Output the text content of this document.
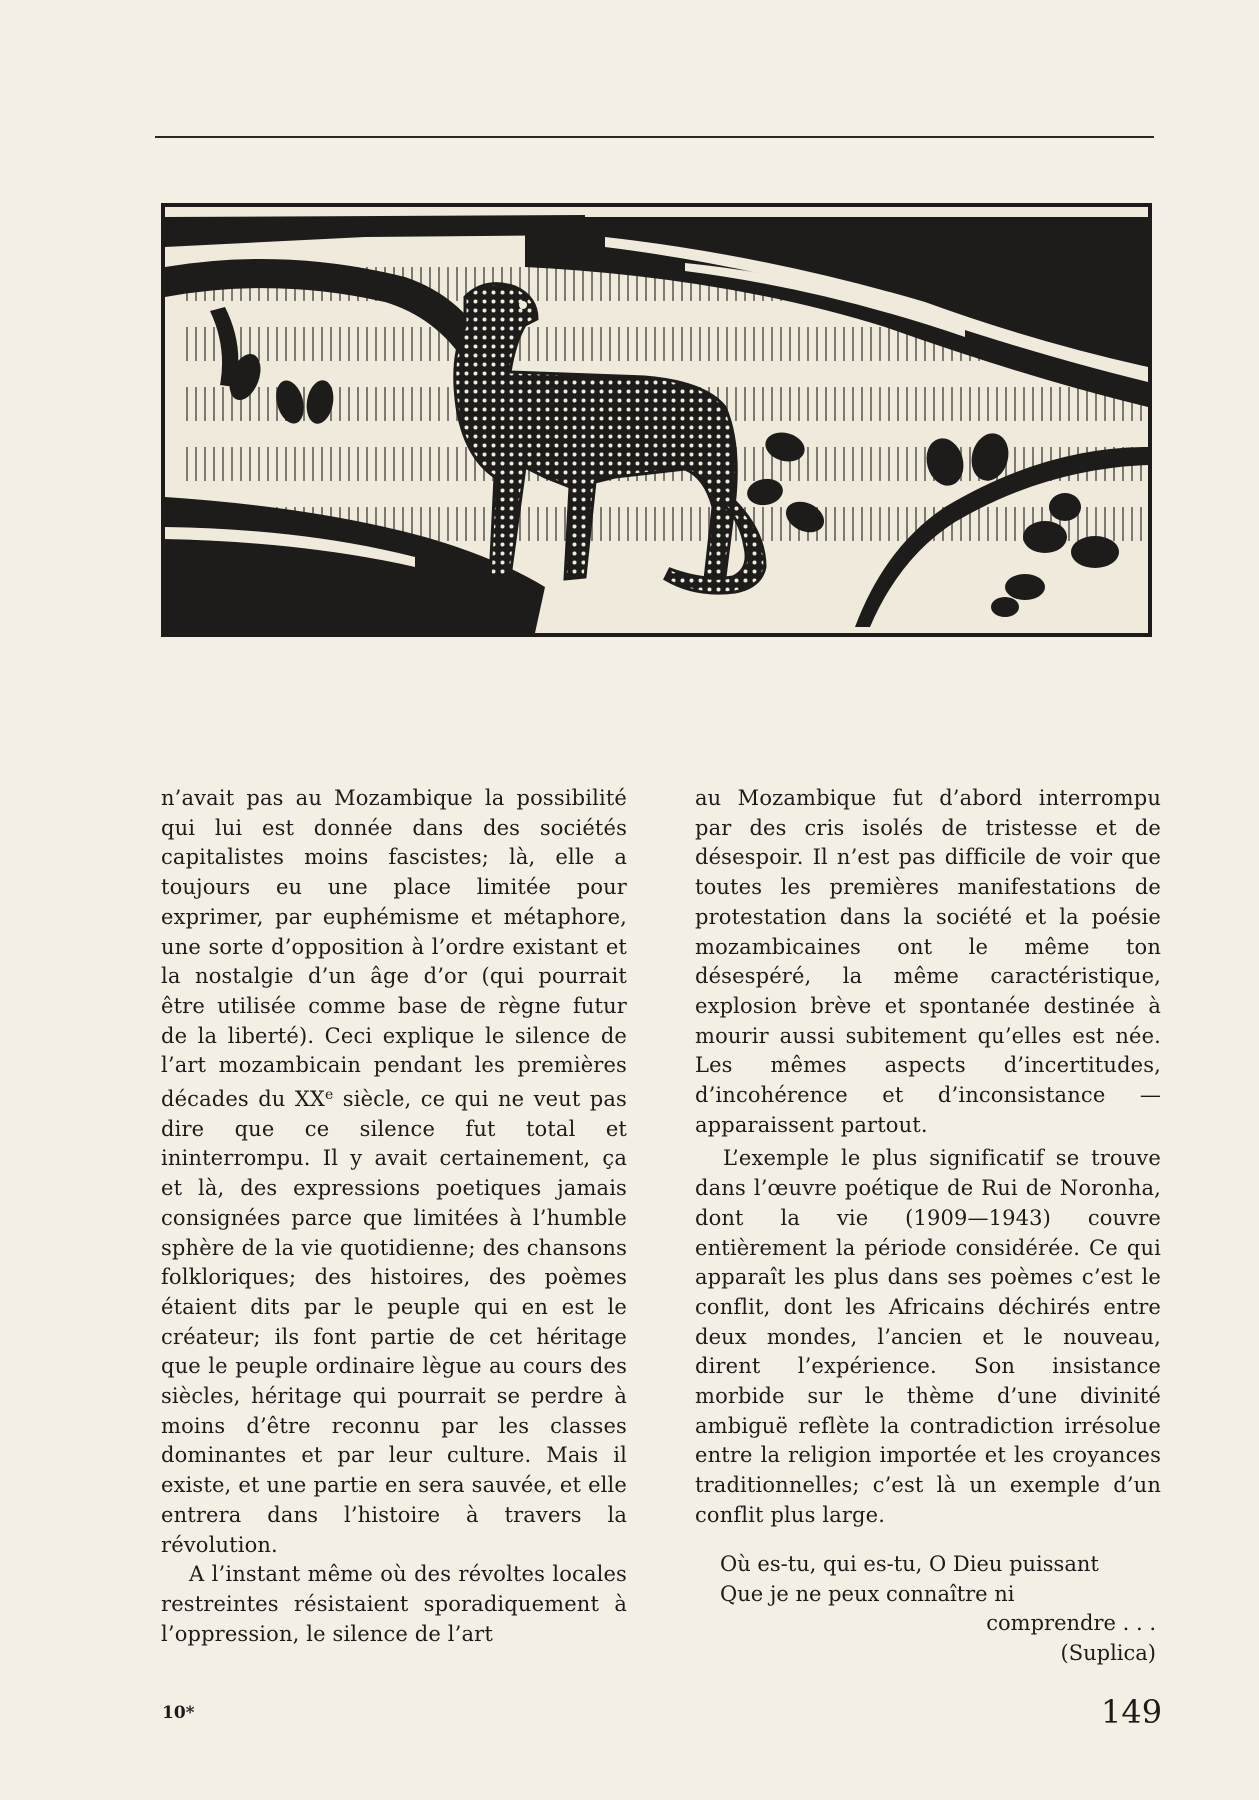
n’avait pas au Mozambique la possibilité qui lui est donnée dans des sociétés capitalistes moins fascistes; là, elle a toujours eu une place limitée pour exprimer, par euphémisme et métaphore, une sorte d’opposition à l’ordre existant et la nostalgie d’un âge d’or (qui pourrait être utilisée comme base de règne futur de la liberté). Ceci explique le silence de l’art mozambicain pendant les premières décades du XXe siècle, ce qui ne veut pas dire que ce silence fut total et ininterrompu. Il y avait certainement, ça et là, des expressions poetiques jamais consignées parce que limitées à l’humble sphère de la vie quotidienne; des chansons folkloriques; des histoires, des poèmes étaient dits par le peuple qui en est le créateur; ils font partie de cet héritage que le peuple ordinaire lègue au cours des siècles, héritage qui pourrait se perdre à moins d’être reconnu par les classes dominantes et par leur culture. Mais il existe, et une partie en sera sauvée, et elle entrera dans l’histoire à travers la révolution.

A l’instant même où des révoltes locales restreintes résistaient sporadiquement à l’oppression, le silence de l’art

au Mozambique fut d’abord interrompu par des cris isolés de tristesse et de désespoir. Il n’est pas difficile de voir que toutes les premières manifestations de protestation dans la société et la poésie mozambicaines ont le même ton désespéré, la même caractéristique, explosion brève et spontanée destinée à mourir aussi subitement qu’elles est née. Les mêmes aspects d’incertitudes, d’incohérence et d’inconsistance — apparaissent partout.

L’exemple le plus significatif se trouve dans l’œuvre poétique de Rui de Noronha, dont la vie (1909—1943) couvre entièrement la période considérée. Ce qui apparaît les plus dans ses poèmes c’est le conflit, dont les Africains déchirés entre deux mondes, l’ancien et le nouveau, dirent l’expérience. Son insistance morbide sur le thème d’une divinité ambiguë reflète la contradiction irrésolue entre la religion importée et les croyances traditionnelles; c’est là un exemple d’un conflit plus large.

Où es-tu, qui es-tu, O Dieu puissant
Que je ne peux connaître ni
comprendre . . .
(Suplica)
10*	149
